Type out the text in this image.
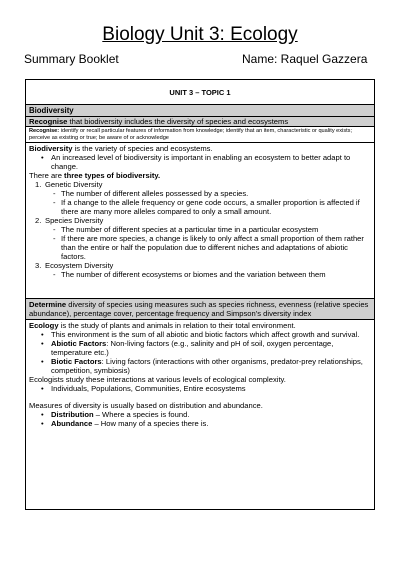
Biology Unit 3: Ecology
Summary Booklet	Name: Raquel Gazzera
UNIT 3 – TOPIC 1
Biodiversity
Recognise that biodiversity includes the diversity of species and ecosystems
Recognise: identify or recall particular features of information from knowledge; identify that an item, characteristic or quality exists; perceive as existing or true; be aware of or acknowledge

Biodiversity is the variety of species and ecosystems.

• An increased level of biodiversity is important in enabling an ecosystem to better adapt to change.

There are three types of biodiversity.

1. Genetic Diversity

- The number of different alleles possessed by a species.

- If a change to the allele frequency or gene code occurs, a smaller proportion is affected if there are many more alleles compared to only a small amount.

2. Species Diversity

- The number of different species at a particular time in a particular ecosystem

- If there are more species, a change is likely to only affect a small proportion of them rather than the entire or half the population due to different niches and adaptations of abiotic factors.

3. Ecosystem Diversity

- The number of different ecosystems or biomes and the variation between them

Determine diversity of species using measures such as species richness, evenness (relative species abundance), percentage cover, percentage frequency and Simpson’s diversity index

Ecology is the study of plants and animals in relation to their total environment.

• This environment is the sum of all abiotic and biotic factors which affect growth and survival.

• Abiotic Factors: Non-living factors (e.g., salinity and pH of soil, oxygen percentage, temperature etc.)

• Biotic Factors: Living factors (interactions with other organisms, predator-prey relationships, competition, symbiosis)

Ecologists study these interactions at various levels of ecological complexity.

• Individuals, Populations, Communities, Entire ecosystems

Measures of diversity is usually based on distribution and abundance.

• Distribution – Where a species is found.

• Abundance – How many of a species there is.
